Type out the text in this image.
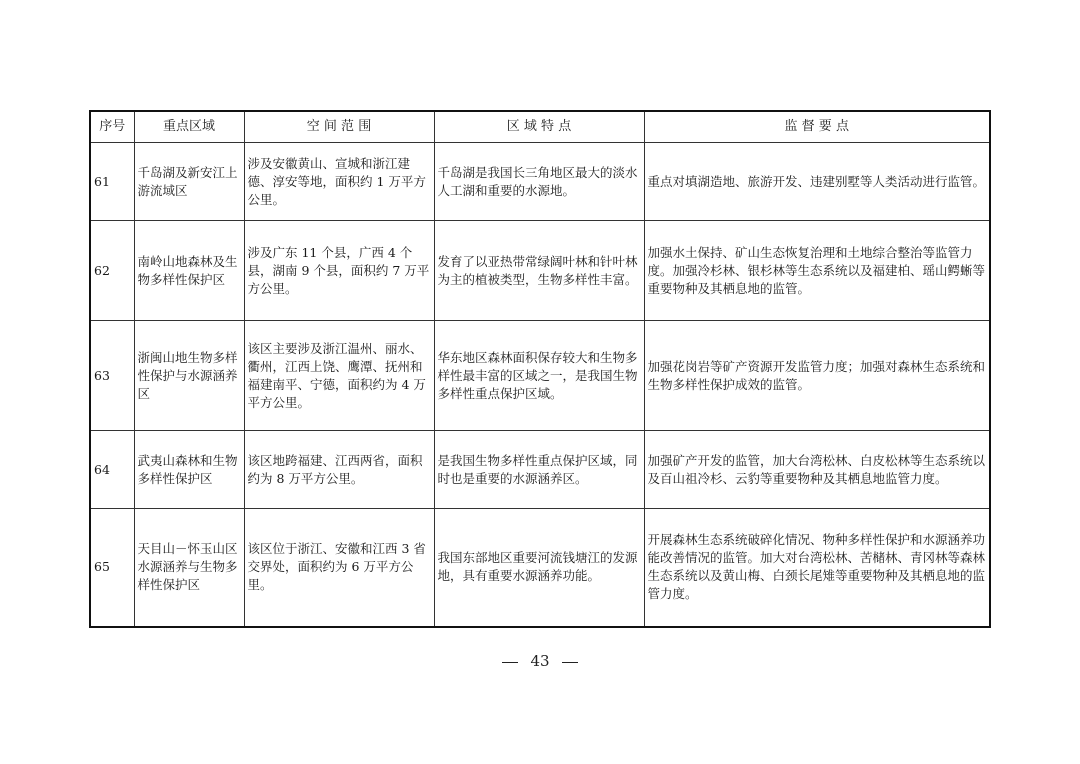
序号	重点区域	空 间 范 围	区 域 特 点	监 督 要 点
61	千岛湖及新安江上游流域区	涉及安徽黄山、宣城和浙江建德、淳安等地，面积约 1 万平方公里。	千岛湖是我国长三角地区最大的淡水人工湖和重要的水源地。	重点对填湖造地、旅游开发、违建别墅等人类活动进行监管。
62	南岭山地森林及生物多样性保护区	涉及广东 11 个县，广西 4 个县，湖南 9 个县，面积约 7 万平方公里。	发育了以亚热带常绿阔叶林和针叶林为主的植被类型，生物多样性丰富。	加强水土保持、矿山生态恢复治理和土地综合整治等监管力度。加强冷杉林、银杉林等生态系统以及福建柏、瑶山鳄蜥等重要物种及其栖息地的监管。
63	浙闽山地生物多样性保护与水源涵养区	该区主要涉及浙江温州、丽水、衢州，江西上饶、鹰潭、抚州和福建南平、宁德，面积约为 4 万平方公里。	华东地区森林面积保存较大和生物多样性最丰富的区域之一，是我国生物多样性重点保护区域。	加强花岗岩等矿产资源开发监管力度；加强对森林生态系统和生物多样性保护成效的监管。
64	武夷山森林和生物多样性保护区	该区地跨福建、江西两省，面积约为 8 万平方公里。	是我国生物多样性重点保护区域，同时也是重要的水源涵养区。	加强矿产开发的监管，加大台湾松林、白皮松林等生态系统以及百山祖冷杉、云豹等重要物种及其栖息地监管力度。
65	天目山－怀玉山区水源涵养与生物多样性保护区	该区位于浙江、安徽和江西 3 省交界处，面积约为 6 万平方公里。	我国东部地区重要河流钱塘江的发源地，具有重要水源涵养功能。	开展森林生态系统破碎化情况、物种多样性保护和水源涵养功能改善情况的监管。加大对台湾松林、苦槠林、青冈林等森林生态系统以及黄山梅、白颈长尾雉等重要物种及其栖息地的监管力度。
43
